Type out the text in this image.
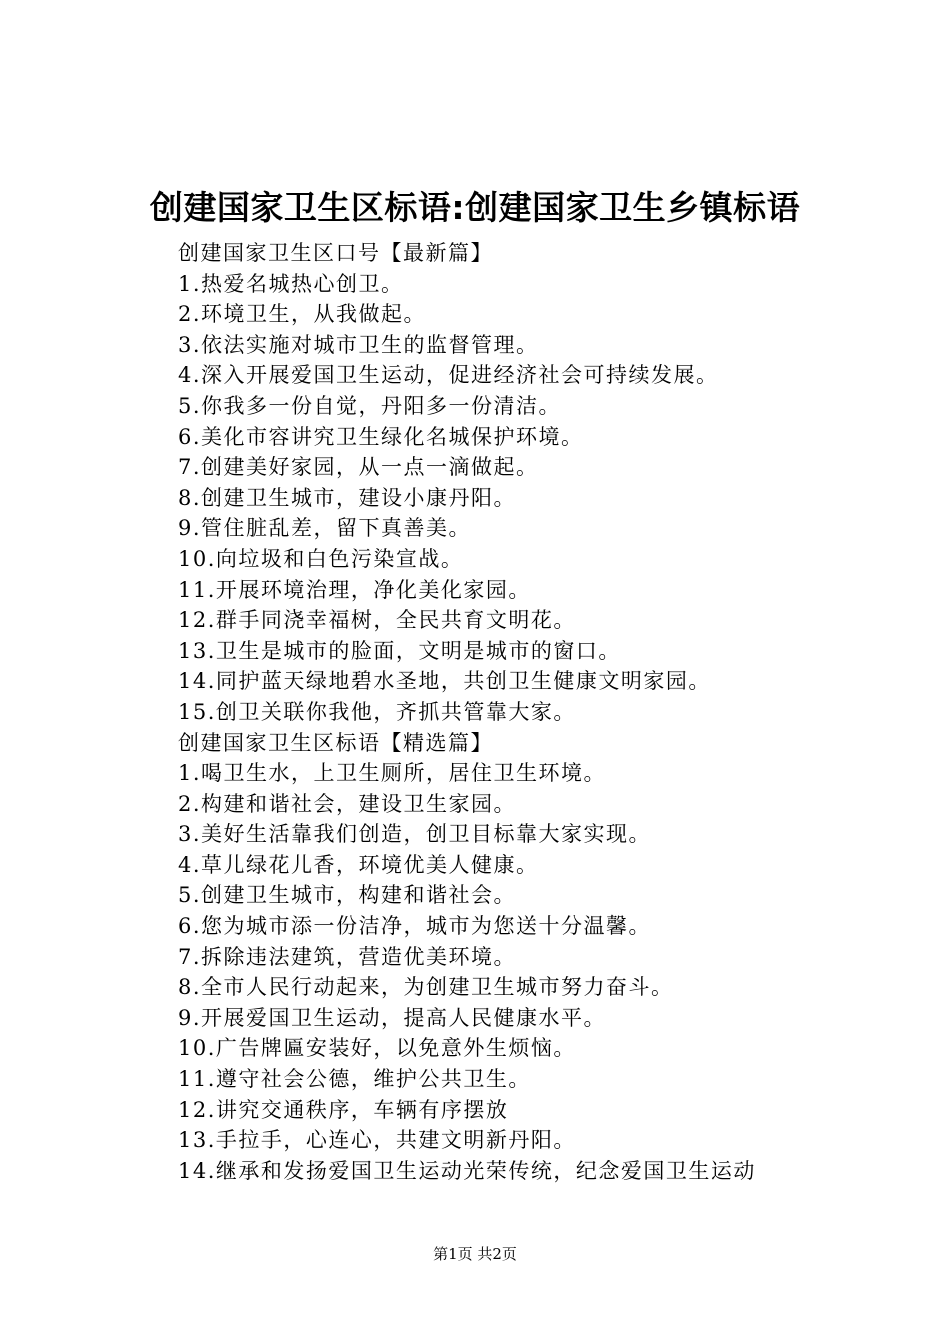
创建国家卫生区标语:创建国家卫生乡镇标语
创建国家卫生区口号【最新篇】
1.热爱名城热心创卫。
2.环境卫生，从我做起。
3.依法实施对城市卫生的监督管理。
4.深入开展爱国卫生运动，促进经济社会可持续发展。
5.你我多一份自觉，丹阳多一份清洁。
6.美化市容讲究卫生绿化名城保护环境。
7.创建美好家园，从一点一滴做起。
8.创建卫生城市，建设小康丹阳。
9.管住脏乱差，留下真善美。
10.向垃圾和白色污染宣战。
11.开展环境治理，净化美化家园。
12.群手同浇幸福树，全民共育文明花。
13.卫生是城市的脸面，文明是城市的窗口。
14.同护蓝天绿地碧水圣地，共创卫生健康文明家园。
15.创卫关联你我他，齐抓共管靠大家。
创建国家卫生区标语【精选篇】
1.喝卫生水，上卫生厕所，居住卫生环境。
2.构建和谐社会，建设卫生家园。
3.美好生活靠我们创造，创卫目标靠大家实现。
4.草儿绿花儿香，环境优美人健康。
5.创建卫生城市，构建和谐社会。
6.您为城市添一份洁净，城市为您送十分温馨。
7.拆除违法建筑，营造优美环境。
8.全市人民行动起来，为创建卫生城市努力奋斗。
9.开展爱国卫生运动，提高人民健康水平。
10.广告牌匾安装好，以免意外生烦恼。
11.遵守社会公德，维护公共卫生。
12.讲究交通秩序，车辆有序摆放
13.手拉手，心连心，共建文明新丹阳。
14.继承和发扬爱国卫生运动光荣传统，纪念爱国卫生运动
第1页 共2页
